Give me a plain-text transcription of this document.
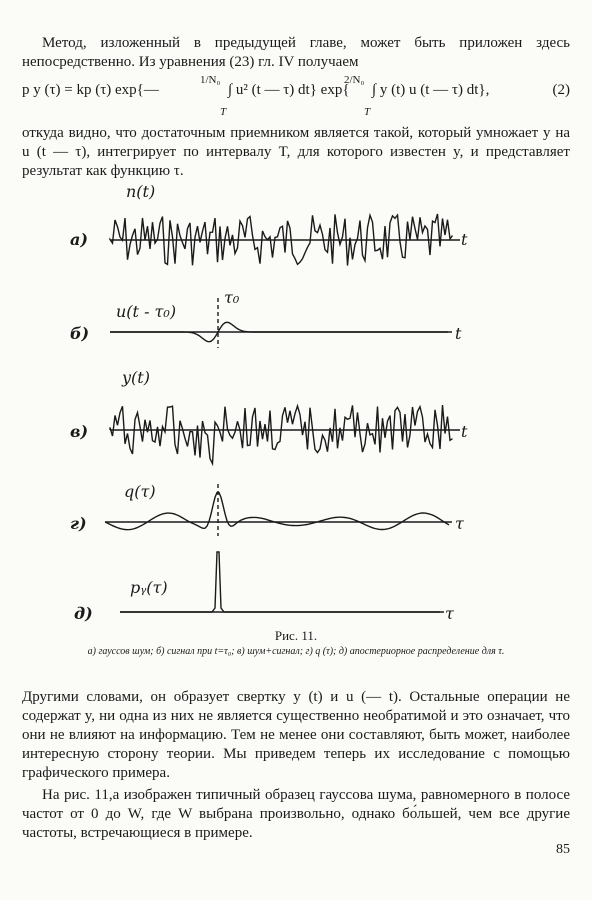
Метод, изложенный в предыдущей главе, может быть приложен здесь непосредственно. Из уравнения (23) гл. IV получаем

p y (τ) = kp (τ) exp{—
1/N₀
∫ u² (t — τ) dt} exp{
2/N₀
∫ y (t) u (t — τ) dt},
T	T
(2)

откуда видно, что достаточным приемником является такой, который умножает y на u (t — τ), интегрирует по интервалу T, для которого известен y, и представляет результат как функцию τ.

а)
n(t)
t
б)
u(t - τ₀)
τ₀
t
в)
y(t)
t
г)
q(τ)
τ
д)
pᵧ(τ)
τ
Рис. 11.
а) гауссов шум; б) сигнал при t=τ₀; в) шум+сигнал; г) q (τ); д) апостериорное распределение для τ.

Другими словами, он образует свертку y (t) и u (— t). Остальные операции не содержат y, ни одна из них не является существенно необратимой и это означает, что они не влияют на информацию. Тем не менее они составляют, быть может, наиболее интересную сторону теории. Мы приведем теперь их исследование с помощью графического примера.

На рис. 11,а изображен типичный образец гауссова шума, равномерного в полосе частот от 0 до W, где W выбрана произвольно, однако бо́льшей, чем все другие частоты, встречающиеся в примере.

85
